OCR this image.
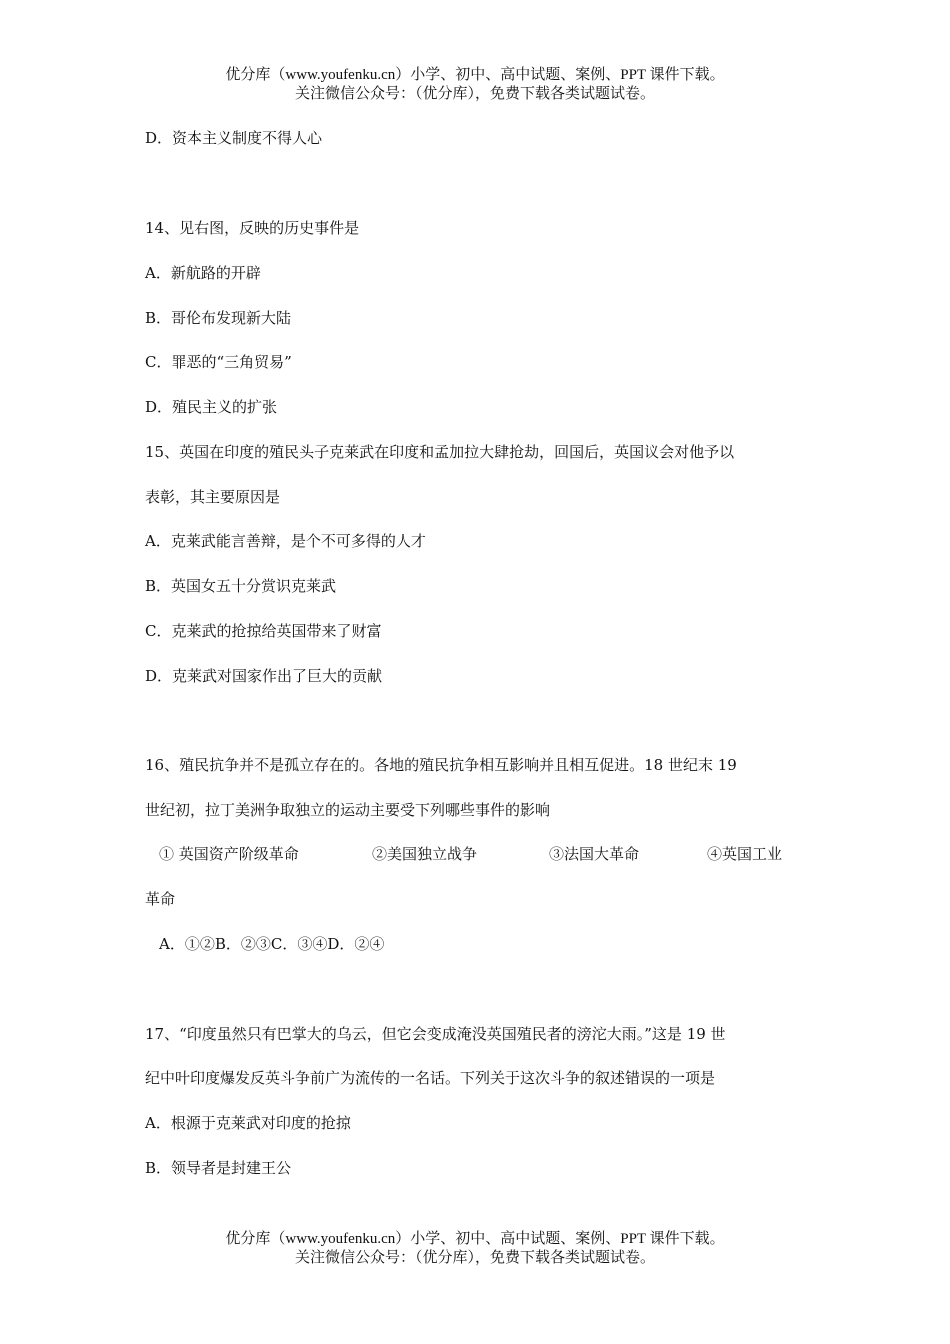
优分库（www.youfenku.cn）小学、初中、高中试题、案例、PPT 课件下载。
关注微信公众号：（优分库），免费下载各类试题试卷。
D．资本主义制度不得人心
14、见右图，反映的历史事件是
A．新航路的开辟
B．哥伦布发现新大陆
C．罪恶的“三角贸易”
D．殖民主义的扩张
15、英国在印度的殖民头子克莱武在印度和孟加拉大肆抢劫，回国后，英国议会对他予以
表彰，其主要原因是
A．克莱武能言善辩，是个不可多得的人才
B．英国女五十分赏识克莱武
C．克莱武的抢掠给英国带来了财富
D．克莱武对国家作出了巨大的贡献
16、殖民抗争并不是孤立存在的。各地的殖民抗争相互影响并且相互促进。18 世纪末 19
世纪初，拉丁美洲争取独立的运动主要受下列哪些事件的影响
① 英国资产阶级革命	②美国独立战争	③法国大革命	④英国工业
革命
A．①②B．②③C．③④D．②④
17、“印度虽然只有巴掌大的乌云，但它会变成淹没英国殖民者的滂沱大雨。”这是 19 世
纪中叶印度爆发反英斗争前广为流传的一名话。下列关于这次斗争的叙述错误的一项是
A．根源于克莱武对印度的抢掠
B．领导者是封建王公
优分库（www.youfenku.cn）小学、初中、高中试题、案例、PPT 课件下载。
关注微信公众号：（优分库），免费下载各类试题试卷。
